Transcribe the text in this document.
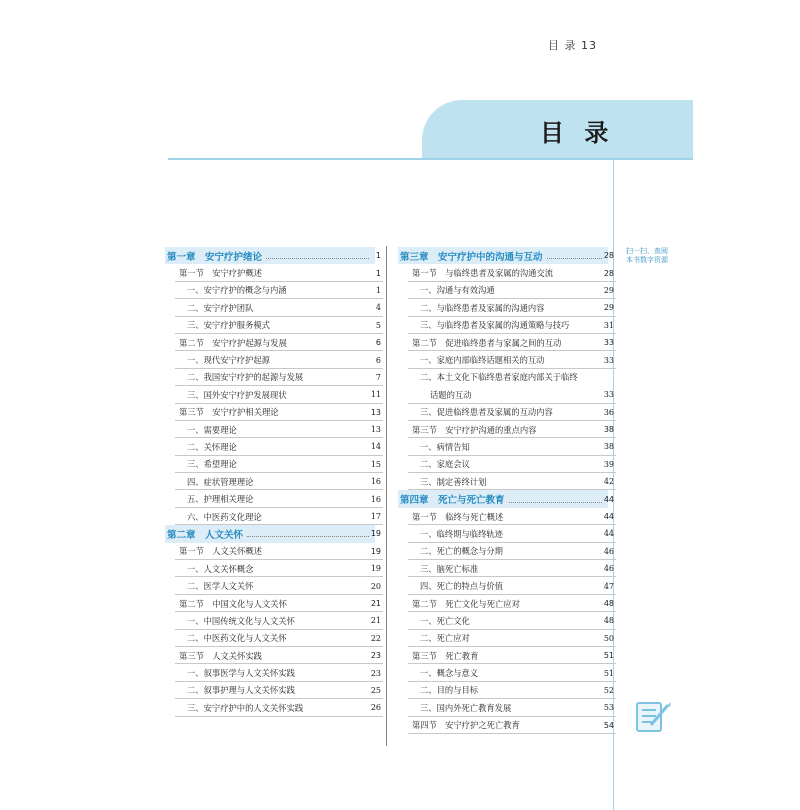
目 录 13
目 录
扫一扫，查阅
本书数字资源
第一章　安宁疗护绪论	1
第一节　安宁疗护概述	1
一、安宁疗护的概念与内涵	1
二、安宁疗护团队	4
三、安宁疗护服务模式	5
第二节　安宁疗护起源与发展	6
一、现代安宁疗护起源	6
二、我国安宁疗护的起源与发展	7
三、国外安宁疗护发展现状	11
第三节　安宁疗护相关理论	13
一、需要理论	13
二、关怀理论	14
三、希望理论	15
四、症状管理理论	16
五、护理相关理论	16
六、中医药文化理论	17
第二章　人文关怀	19
第一节　人文关怀概述	19
一、人文关怀概念	19
二、医学人文关怀	20
第二节　中国文化与人文关怀	21
一、中国传统文化与人文关怀	21
二、中医药文化与人文关怀	22
第三节　人文关怀实践	23
一、叙事医学与人文关怀实践	23
二、叙事护理与人文关怀实践	25
三、安宁疗护中的人文关怀实践	26
第三章　安宁疗护中的沟通与互动	28
第一节　与临终患者及家属的沟通交流	28
一、沟通与有效沟通	29
二、与临终患者及家属的沟通内容	29
三、与临终患者及家属的沟通策略与技巧	31
第二节　促进临终患者与家属之间的互动	33
一、家庭内部临终话题相关的互动	33
二、本土文化下临终患者家庭内部关于临终
话题的互动	33
三、促进临终患者及家属的互动内容	36
第三节　安宁疗护沟通的重点内容	38
一、病情告知	38
二、家庭会议	39
三、制定善终计划	42
第四章　死亡与死亡教育	44
第一节　临终与死亡概述	44
一、临终期与临终轨迹	44
二、死亡的概念与分期	46
三、脑死亡标准	46
四、死亡的特点与价值	47
第二节　死亡文化与死亡应对	48
一、死亡文化	48
二、死亡应对	50
第三节　死亡教育	51
一、概念与意义	51
二、目的与目标	52
三、国内外死亡教育发展	53
第四节　安宁疗护之死亡教育	54
